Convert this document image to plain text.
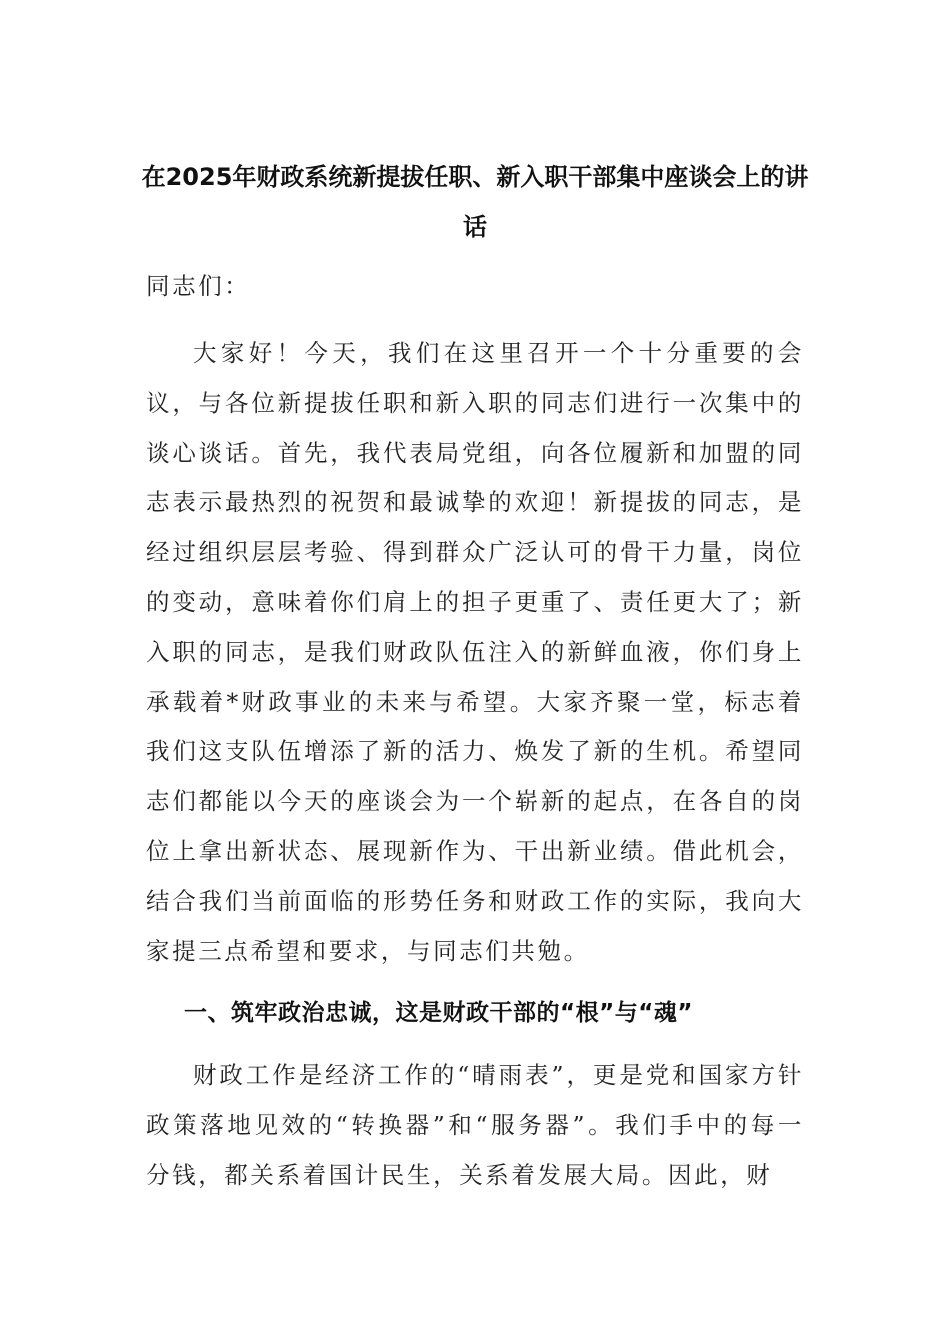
在2025年财政系统新提拔任职、新入职干部集中座谈会上的讲话

同志们：

大家好！今天，我们在这里召开一个十分重要的会议，与各位新提拔任职和新入职的同志们进行一次集中的谈心谈话。首先，我代表局党组，向各位履新和加盟的同志表示最热烈的祝贺和最诚挚的欢迎！新提拔的同志，是经过组织层层考验、得到群众广泛认可的骨干力量，岗位的变动，意味着你们肩上的担子更重了、责任更大了；新入职的同志，是我们财政队伍注入的新鲜血液，你们身上承载着*财政事业的未来与希望。大家齐聚一堂，标志着我们这支队伍增添了新的活力、焕发了新的生机。希望同志们都能以今天的座谈会为一个崭新的起点，在各自的岗位上拿出新状态、展现新作为、干出新业绩。借此机会，结合我们当前面临的形势任务和财政工作的实际，我向大家提三点希望和要求，与同志们共勉。

一、筑牢政治忠诚，这是财政干部的“根”与“魂”

财政工作是经济工作的“晴雨表”，更是党和国家方针政策落地见效的“转换器”和“服务器”。我们手中的每一分钱，都关系着国计民生，关系着发展大局。因此，财
